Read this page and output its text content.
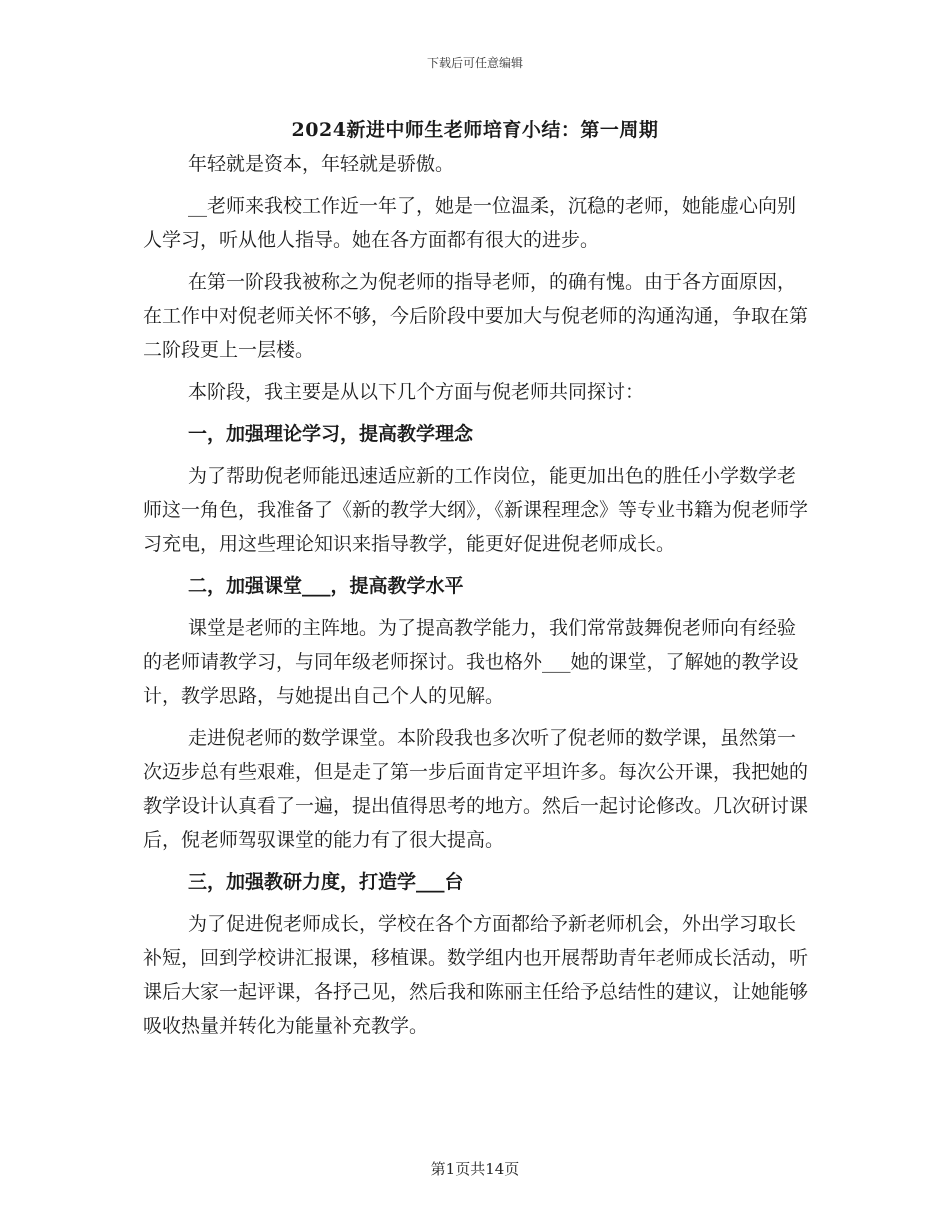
下载后可任意编辑
2024新进中师生老师培育小结：第一周期

年轻就是资本，年轻就是骄傲。

__老师来我校工作近一年了，她是一位温柔，沉稳的老师，她能虚心向别人学习，听从他人指导。她在各方面都有很大的进步。

在第一阶段我被称之为倪老师的指导老师，的确有愧。由于各方面原因，在工作中对倪老师关怀不够，今后阶段中要加大与倪老师的沟通沟通，争取在第二阶段更上一层楼。

本阶段，我主要是从以下几个方面与倪老师共同探讨：

一，加强理论学习，提高教学理念

为了帮助倪老师能迅速适应新的工作岗位，能更加出色的胜任小学数学老师这一角色，我准备了《新的教学大纲》，《新课程理念》等专业书籍为倪老师学习充电，用这些理论知识来指导教学，能更好促进倪老师成长。

二，加强课堂___，提高教学水平

课堂是老师的主阵地。为了提高教学能力，我们常常鼓舞倪老师向有经验的老师请教学习，与同年级老师探讨。我也格外___她的课堂，了解她的教学设计，教学思路，与她提出自己个人的见解。

走进倪老师的数学课堂。本阶段我也多次听了倪老师的数学课，虽然第一次迈步总有些艰难，但是走了第一步后面肯定平坦许多。每次公开课，我把她的教学设计认真看了一遍，提出值得思考的地方。然后一起讨论修改。几次研讨课后，倪老师驾驭课堂的能力有了很大提高。

三，加强教研力度，打造学___台

为了促进倪老师成长，学校在各个方面都给予新老师机会，外出学习取长补短，回到学校讲汇报课，移植课。数学组内也开展帮助青年老师成长活动，听课后大家一起评课，各抒己见，然后我和陈丽主任给予总结性的建议，让她能够吸收热量并转化为能量补充教学。

第1页共14页
